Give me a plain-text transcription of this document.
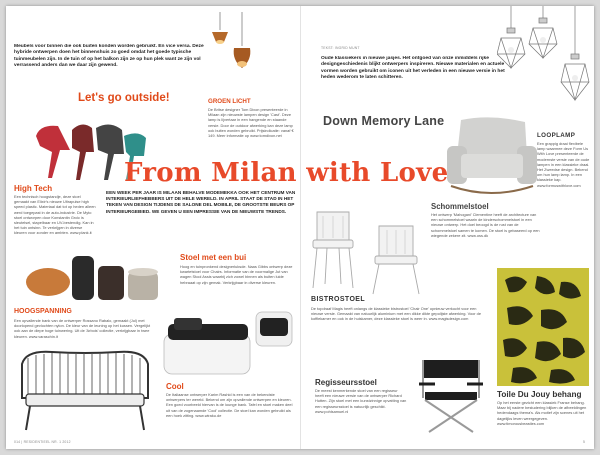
Meubels voor binnen die ook buiten konden worden gebruikt. En vice versa. Deze hybride ontwerpen doen het binnenshuis zo goed omdat het goede typische tuinmeubelen zijn. In de tuin of op het balkon zijn ze op hun plek want ze zijn vol verrassend anders dan we daar zijn gewend.
GROEN LICHT
De Britse designer Tom Dixon presenteerde in Milaan zijn nieuwste lampen design 'Cast'. Deze lamp is lijvertaar in een hangende en staande versie. Door de outdoor afwerking kan deze lamp ook buiten worden gebruikt. Prijsindicatie: vanaf € 149. Meer informatie op www.tomdixon.net
Let's go outside!
High Tech
Een technisch hoogstandje, deze stoel gemaakt van Elixir's nieuwe Ultrapulse high speed plastic. Materiaal dat tot op heden alleen werd toegepast in de auto-industrie. De Myto stoel ontworpen door Konstantin Grcic is sleutelsel, stapelbaar en UV-bestendig. Kan in het tuin ontsinn. Te verkrijgen in diverse kleuren voor zonder en ambten. www.plank.it
EEN WEEK PER JAAR IS MILAAN BEHALVE MODEMEKKA OOK HET CENTRUM VAN INTERIEURLIEFHEBBERS UIT DE HELE WERELD. IN APRIL STAAT DE STAD IN HET TEKEN VAN DESIGN TIJDENS DE SALONE DEL MOBILE, DE GROOTSTE BEURS OP INTERIEURGEBIED. WE GEVEN U EEN IMPRESSIE VAN DE NIEUWSTE TRENDS.
Stoel met een bui
Hoog en tuinpronkend designerluksde. Naas Gibbs ontwerp deze kwartetstoel voor Chairs. Informatie van de voormalige Jut van wagen Stool Assis waarbij zich zowel binnen als buiten luide hebraaat op zijn gemak. Verkrijgbaar in diverse kleuren.
HOOGSPANNING
Een opvallende bank van de ontwerper Rossano Rabalo, gemaakt (Jul) met doorlopend gevlochten nylon. De kleur van de leuning op het kussen. Vergelijkt ook aan de diepe hoge tuinwering. Uit de 'Arbois' collectie, verkrijgbaar in twee kleuren. www.varaschin.it
Cool
De Italiaanse ontwerper Karim Rashid is een van de bekendste ontwerpers ter wereld. Bekend om zijn opvallende ontwerpen en kleuren. Een goed voorbeeld hiervan is de lounge bank. Tafel en stoel maken deel uit van de zogenaamde 'Cool' collectie. De stoel kan worden gebruikt als een hoek zitting. www.wiraku.de
014 | RESIDENTIEEL NR. 1 2012
TEKST: INGRID MUNT
Oude klassiekers in nieuwe jasjes. Het ontgoed van onze inmiddels rijke designgeschiedenis blijkt ontwerpers inspireren. Nieuwe materialen en actuele vormen worden gebruikt om iconen uit het verleden in een nieuwe versie in het heden wederom te laten schitteren.
Down Memory Lane
LOOPLAMP
Een grappig draai flexibele lamp waarmee deze Form Us With Love presenteerde de modernste versie van de oude lampen in een klassieke draai. Het Zweedse design. Bekend om hun lamp lamp. In een klassieke kap. www.formuswithlove.com
Schommelstoel
Het ontwerp 'Mahogani' Clementine heeft de architecture van een schommelstoel waarin de kinderschommelstoel in een nieuwe ontwerp. Het doel beoogd is de rust van de schommelstoel samen te komen. De stoel is gebaseerd op een wiegende zekere zit. www.oss.dk
BISTROSTOEL
De topdraaf Magis heeft onlangs de klassieke bistrostoel 'Chair One' opnieuw verkocht voor een nieuwe versie. Gemaakt van natuurlijk aluminium met een dikke dikte gepolijste afwerking. Voor de koffiekamer en ook in de huiskamer, deze klassieke stoel is weer in. www.magisdesign.com
Regisseursstoel
De meest kenmerkende stoel van een regisseur heeft een nieuwe versie van de ontwerper Richard Hutten. Zijn stoel met een kunstzinnige opvatting van een regisseursstoel is natuurlijk geschikt. www.pohlsamuel.nl
Toile Du Jouy behang
Op het eerste gezicht een klassiek Franse behang. Maar bij nadere bestudering blijken de afbeeldingen hedendaags thema's. Als motief zijn scenes uit het dagelijks leven weergegeven. www.timorousbeasties.com
5
From Milan with Love
